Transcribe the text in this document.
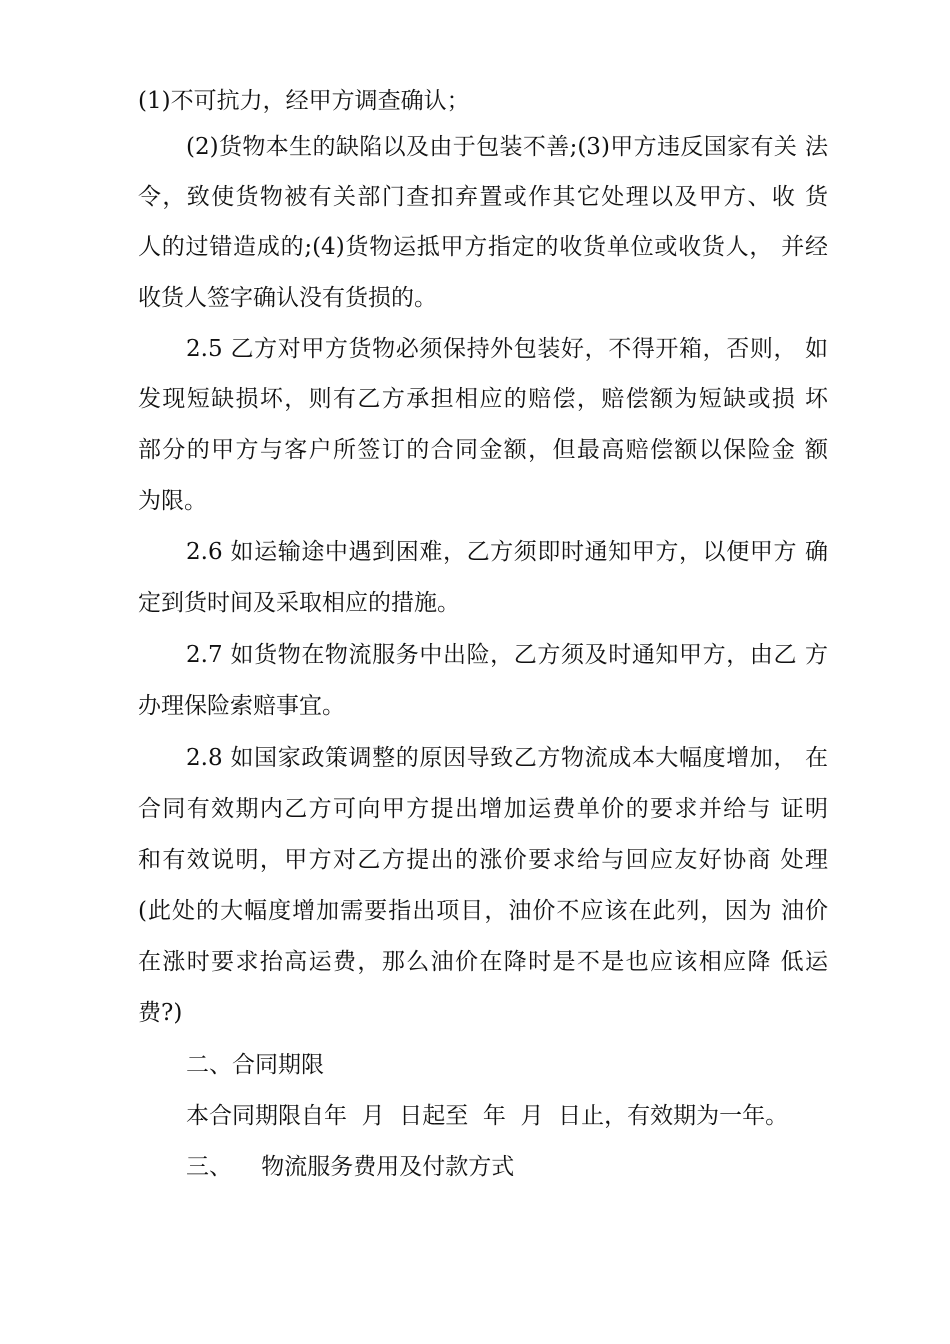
(1)不可抗力，经甲方调查确认；
(2)货物本生的缺陷以及由于包装不善;(3)甲方违反国家有关 法
令，致使货物被有关部门查扣弃置或作其它处理以及甲方、收 货
人的过错造成的;(4)货物运抵甲方指定的收货单位或收货人， 并经
收货人签字确认没有货损的。
2.5 乙方对甲方货物必须保持外包装好，不得开箱，否则， 如
发现短缺损坏，则有乙方承担相应的赔偿，赔偿额为短缺或损 坏
部分的甲方与客户所签订的合同金额，但最高赔偿额以保险金 额
为限。
2.6 如运输途中遇到困难，乙方须即时通知甲方，以便甲方 确
定到货时间及采取相应的措施。
2.7 如货物在物流服务中出险，乙方须及时通知甲方，由乙 方
办理保险索赔事宜。
2.8 如国家政策调整的原因导致乙方物流成本大幅度增加， 在
合同有效期内乙方可向甲方提出增加运费单价的要求并给与 证明
和有效说明，甲方对乙方提出的涨价要求给与回应友好协商 处理
(此处的大幅度增加需要指出项目，油价不应该在此列，因为 油价
在涨时要求抬高运费，那么油价在降时是不是也应该相应降 低运
费?)
二、合同期限
本合同期限自年  月  日起至  年  月  日止，有效期为一年。
三、    物流服务费用及付款方式
